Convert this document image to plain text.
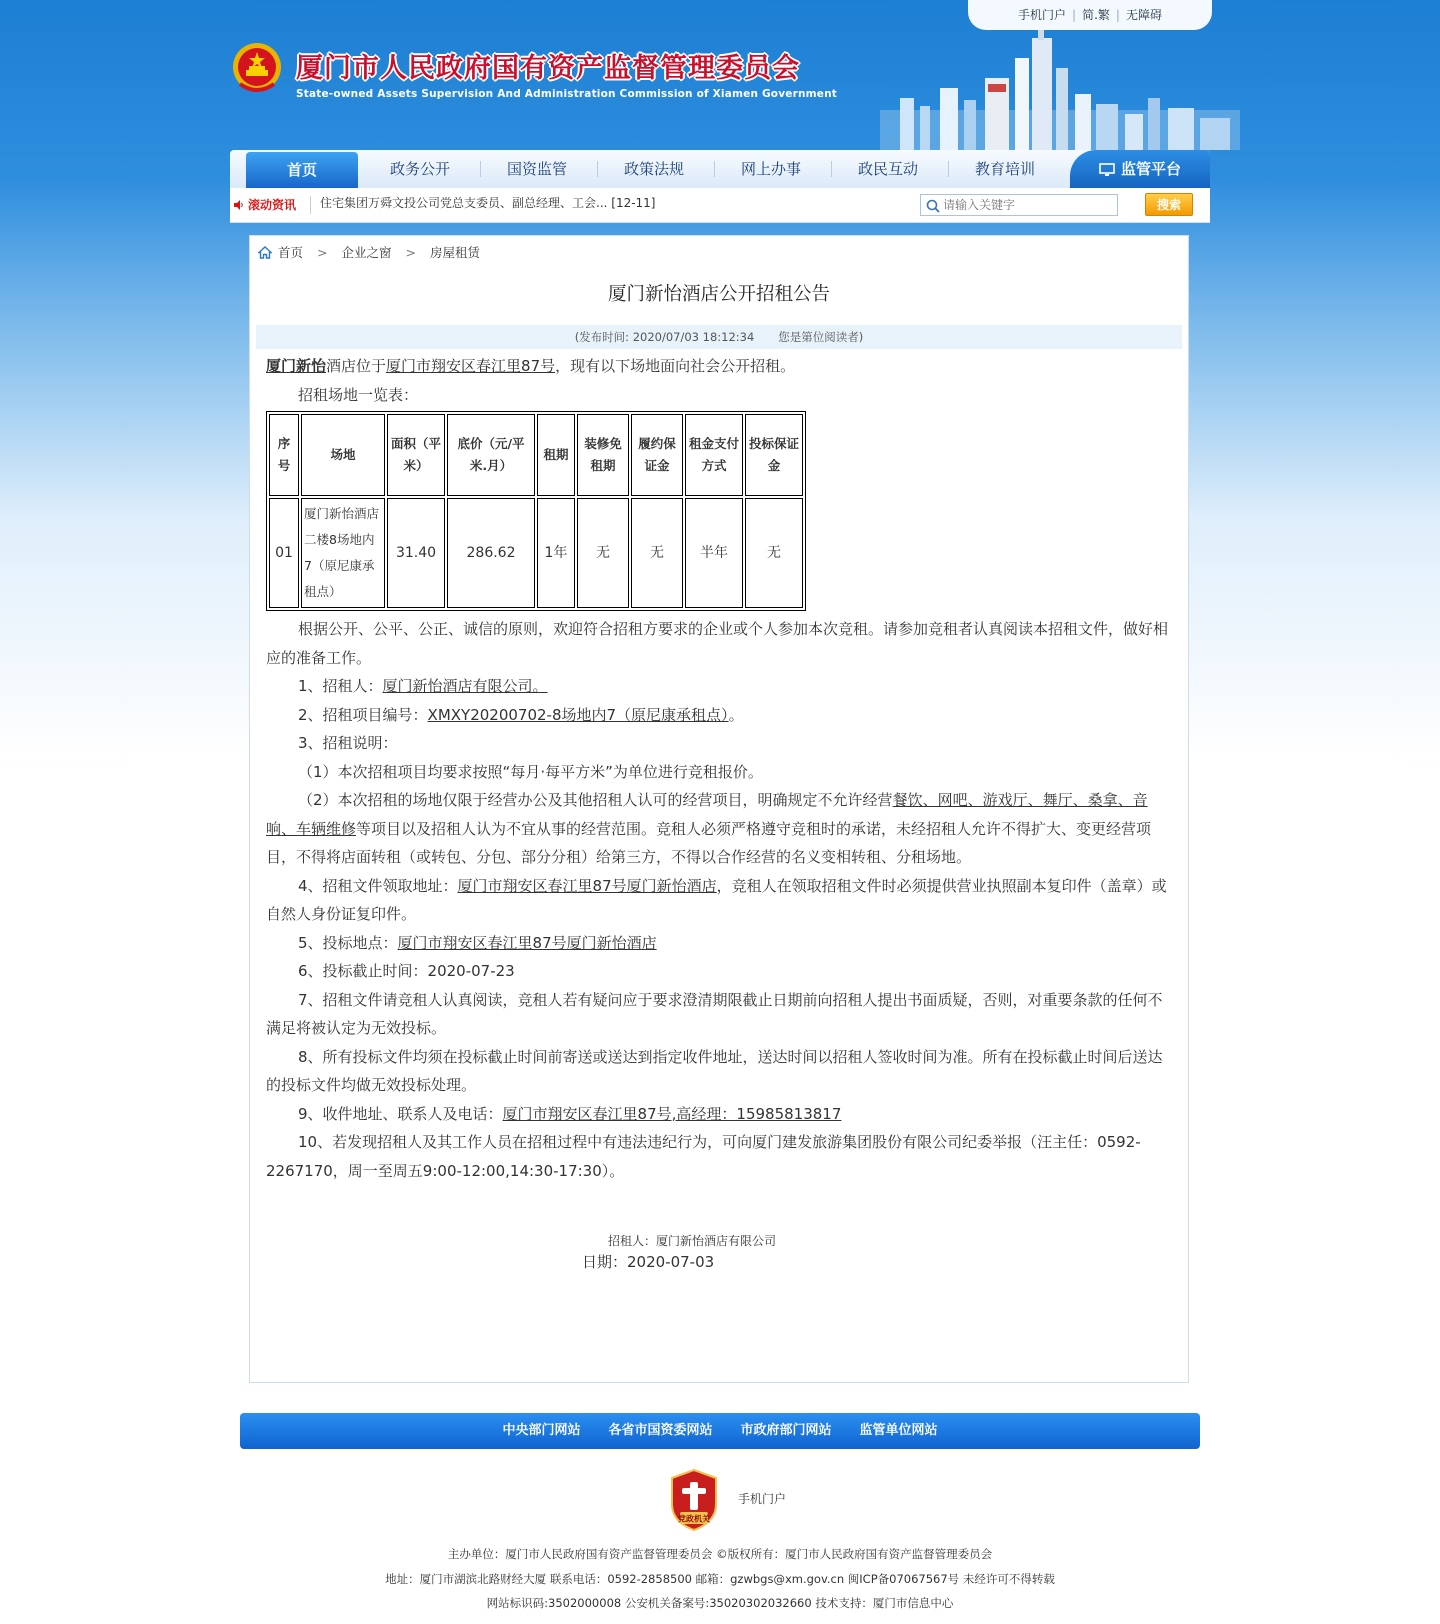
手机门户 | 简.繁 | 无障碍
厦门市人民政府国有资产监督管理委员会
State-owned Assets Supervision And Administration Commission of Xiamen Government
首页	政务公开	国资监管	政策法规	网上办事	政民互动	教育培训	监管平台
滚动资讯 住宅集团万舜文投公司党总支委员、副总经理、工会... [12-11]
请输入关键字	搜索
首页 > 企业之窗 > 房屋租赁
厦门新怡酒店公开招租公告
(发布时间: 2020/07/03 18:12:34 您是第位阅读者)

厦门新怡酒店位于厦门市翔安区春江里87号，现有以下场地面向社会公开招租。

招租场地一览表：

序号	场地	面积（平米）	底价（元/平米.月）	租期	装修免租期	履约保证金	租金支付方式	投标保证金
01	厦门新怡酒店二楼8场地内7（原尼康承租点）	31.40	286.62	1年	无	无	半年	无

根据公开、公平、公正、诚信的原则，欢迎符合招租方要求的企业或个人参加本次竞租。请参加竞租者认真阅读本招租文件，做好相应的准备工作。

1、招租人：厦门新怡酒店有限公司。

2、招租项目编号：XMXY20200702-8场地内7（原尼康承租点）。

3、招租说明：

（1）本次招租项目均要求按照“每月·每平方米”为单位进行竞租报价。

（2）本次招租的场地仅限于经营办公及其他招租人认可的经营项目，明确规定不允许经营餐饮、网吧、游戏厅、舞厅、桑拿、音响、车辆维修等项目以及招租人认为不宜从事的经营范围。竞租人必须严格遵守竞租时的承诺，未经招租人允许不得扩大、变更经营项目，不得将店面转租（或转包、分包、部分分租）给第三方，不得以合作经营的名义变相转租、分租场地。

4、招租文件领取地址：厦门市翔安区春江里87号厦门新怡酒店，竞租人在领取招租文件时必须提供营业执照副本复印件（盖章）或自然人身份证复印件。

5、投标地点：厦门市翔安区春江里87号厦门新怡酒店

6、投标截止时间：2020-07-23

7、招租文件请竞租人认真阅读，竞租人若有疑问应于要求澄清期限截止日期前向招租人提出书面质疑，否则，对重要条款的任何不满足将被认定为无效投标。

8、所有投标文件均须在投标截止时间前寄送或送达到指定收件地址，送达时间以招租人签收时间为准。所有在投标截止时间后送达的投标文件均做无效投标处理。

9、收件地址、联系人及电话：厦门市翔安区春江里87号,高经理：15985813817

10、若发现招租人及其工作人员在招租过程中有违法违纪行为，可向厦门建发旅游集团股份有限公司纪委举报（汪主任：0592-2267170，周一至周五9:00-12:00,14:30-17:30）。

招租人：厦门新怡酒店有限公司
日期：2020-07-03
中央部门网站 各省市国资委网站 市政府部门网站 监管单位网站
党政机关
手机门户
主办单位：厦门市人民政府国有资产监督管理委员会 ©版权所有：厦门市人民政府国有资产监督管理委员会
地址：厦门市湖滨北路财经大厦 联系电话：0592-2858500 邮箱：gzwbgs@xm.gov.cn 闽ICP备07067567号 未经许可不得转载
网站标识码:3502000008 公安机关备案号:35020302032660 技术支持：厦门市信息中心
